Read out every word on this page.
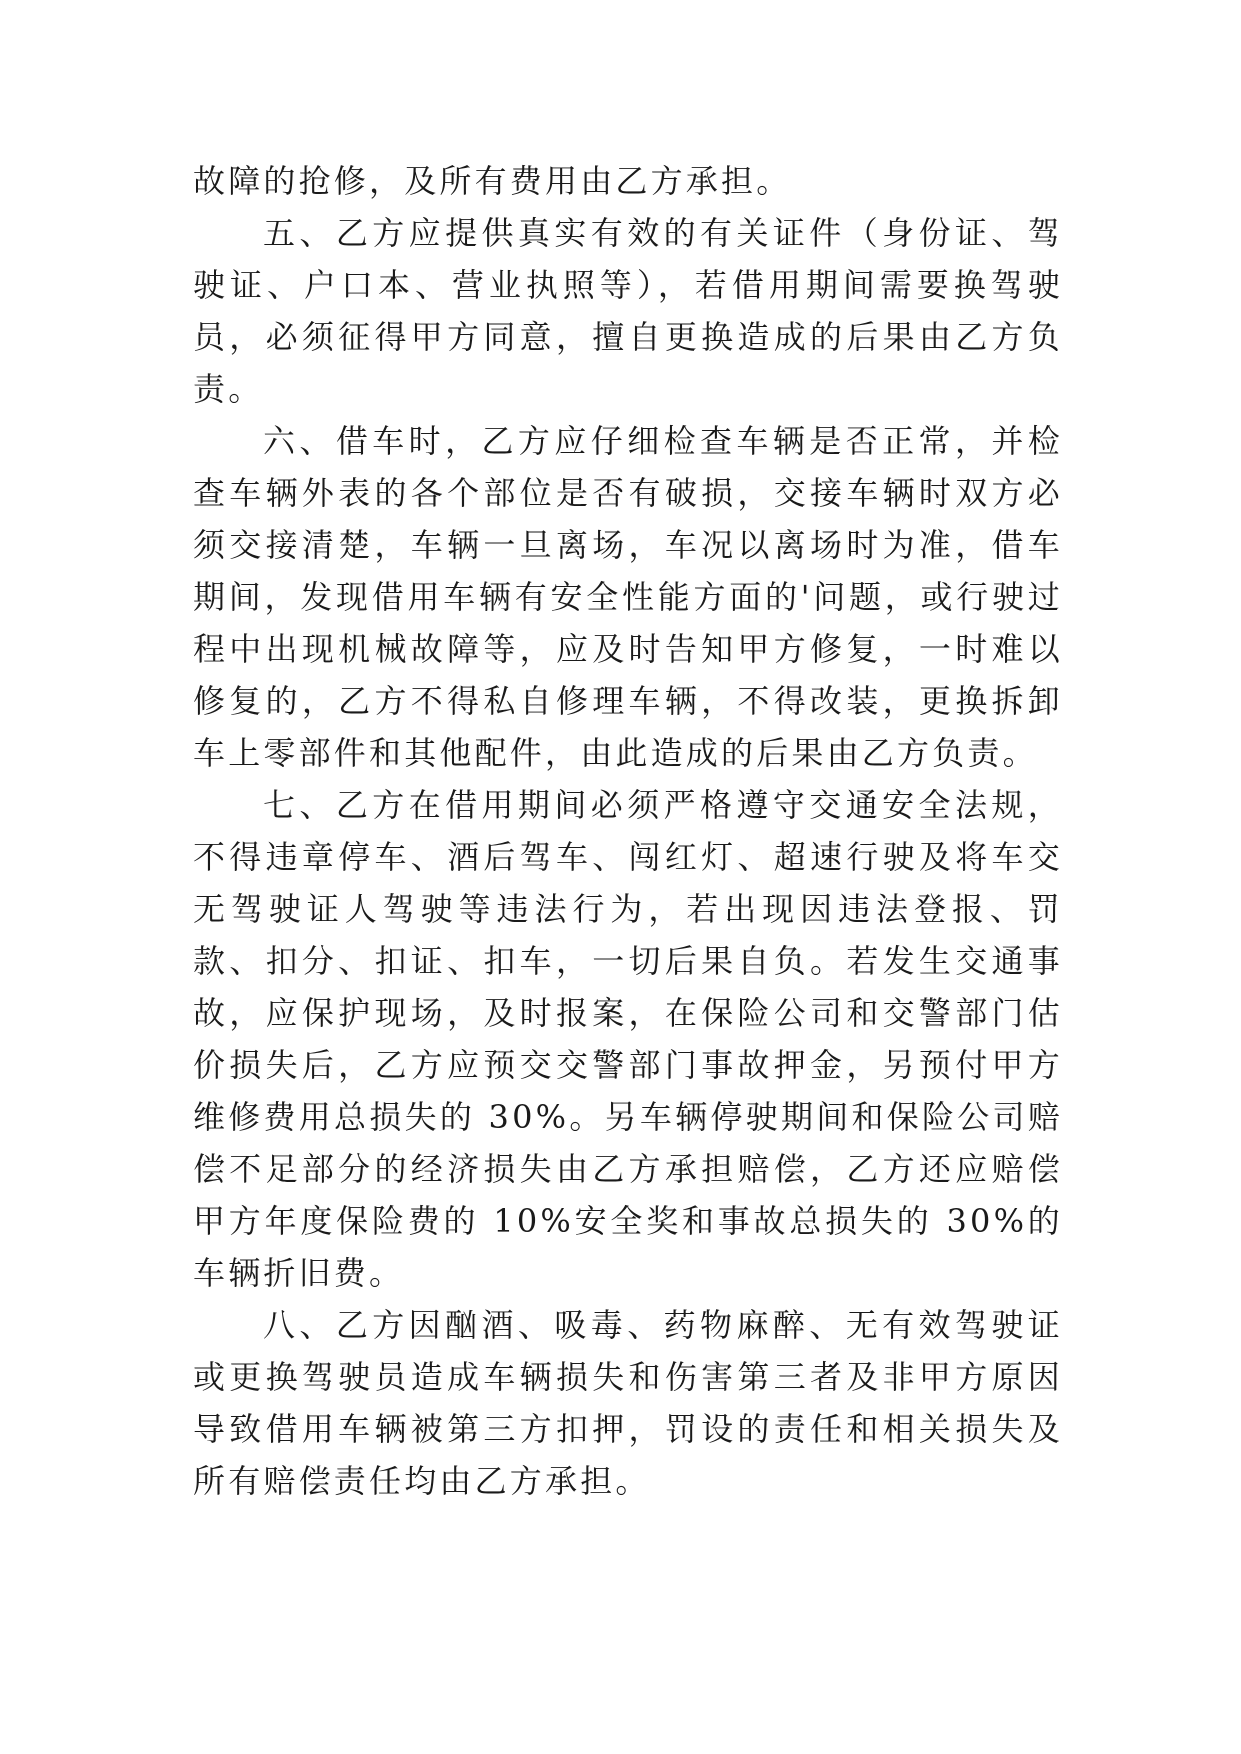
故障的抢修，及所有费用由乙方承担。

五、乙方应提供真实有效的有关证件（身份证、驾驶证、户口本、营业执照等），若借用期间需要换驾驶员，必须征得甲方同意，擅自更换造成的后果由乙方负责。

六、借车时，乙方应仔细检查车辆是否正常，并检查车辆外表的各个部位是否有破损，交接车辆时双方必须交接清楚，车辆一旦离场，车况以离场时为准，借车期间，发现借用车辆有安全性能方面的'问题，或行驶过程中出现机械故障等，应及时告知甲方修复，一时难以修复的，乙方不得私自修理车辆，不得改装，更换拆卸车上零部件和其他配件，由此造成的后果由乙方负责。

七、乙方在借用期间必须严格遵守交通安全法规，不得违章停车、酒后驾车、闯红灯、超速行驶及将车交无驾驶证人驾驶等违法行为，若出现因违法登报、罚款、扣分、扣证、扣车，一切后果自负。若发生交通事故，应保护现场，及时报案，在保险公司和交警部门估价损失后，乙方应预交交警部门事故押金，另预付甲方维修费用总损失的 30%。另车辆停驶期间和保险公司赔偿不足部分的经济损失由乙方承担赔偿，乙方还应赔偿甲方年度保险费的 10%安全奖和事故总损失的 30%的车辆折旧费。

八、乙方因酗酒、吸毒、药物麻醉、无有效驾驶证或更换驾驶员造成车辆损失和伤害第三者及非甲方原因导致借用车辆被第三方扣押，罚设的责任和相关损失及所有赔偿责任均由乙方承担。
